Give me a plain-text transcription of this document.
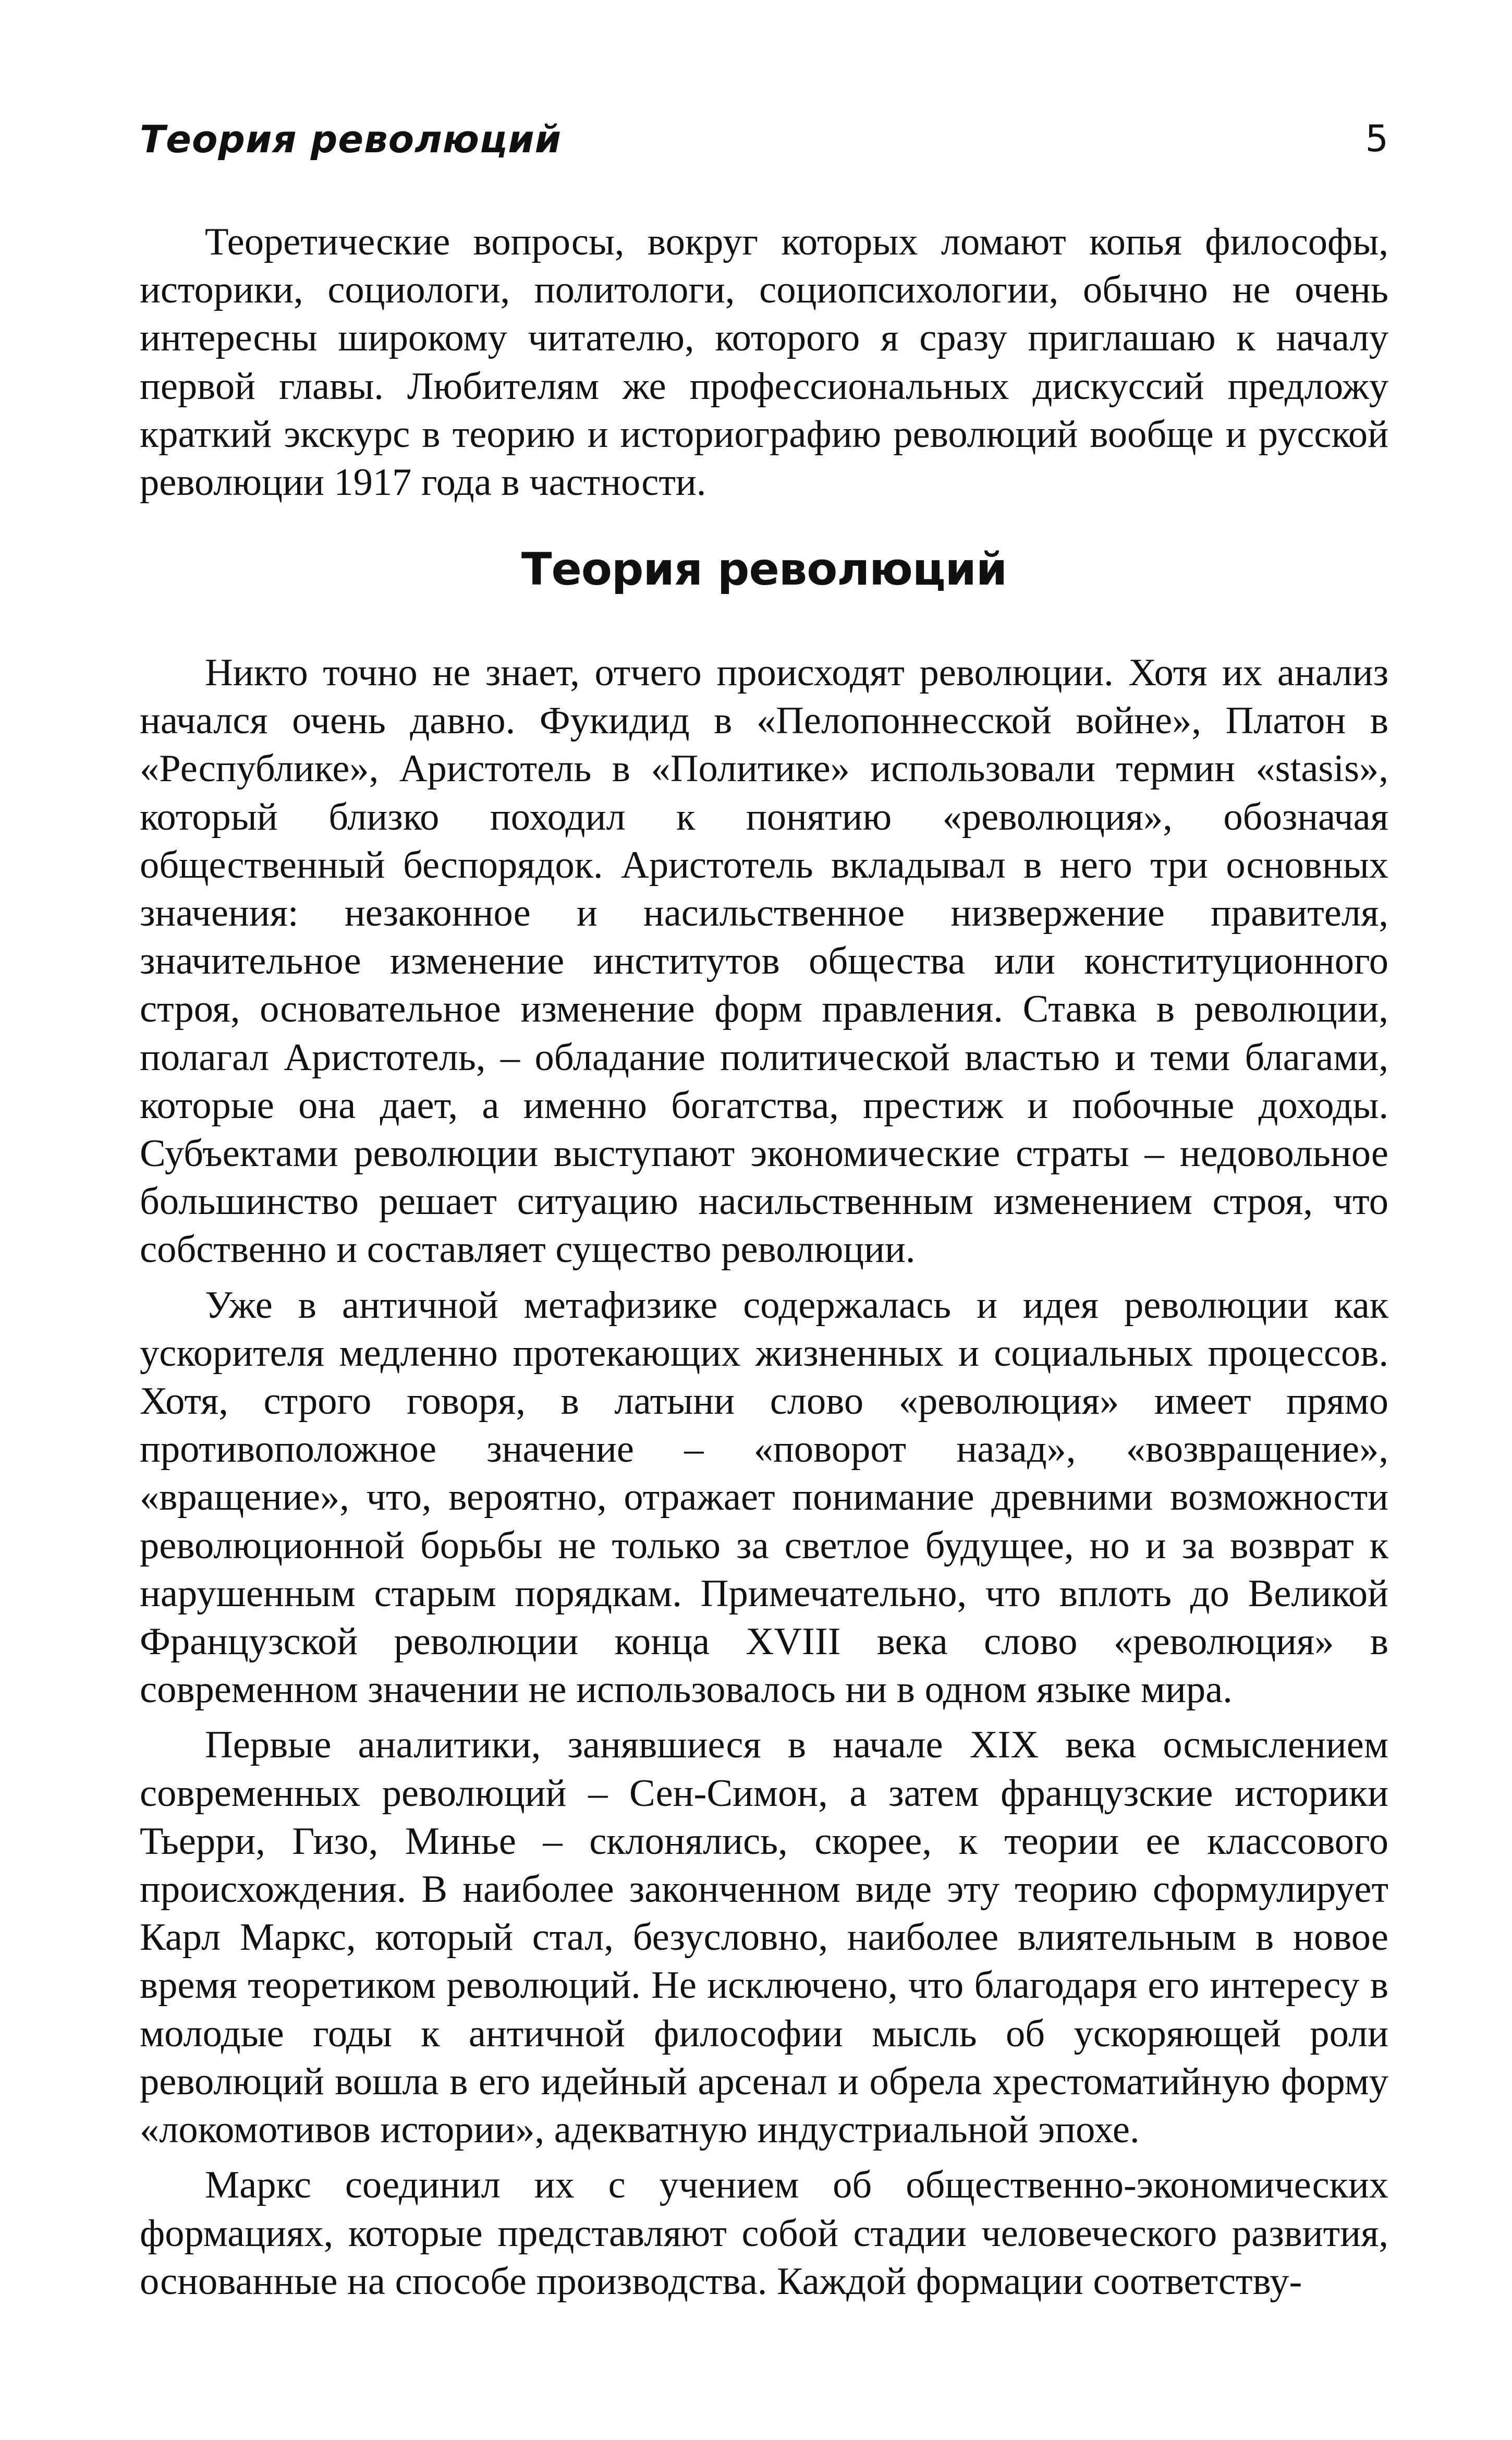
Теория революций	5

Теоретические вопросы, вокруг которых ломают копья философы, историки, социологи, политологи, социопсихологии, обычно не очень интересны широкому читателю, которого я сразу приглашаю к началу первой главы. Любителям же профессиональных дискуссий предложу краткий экскурс в теорию и историографию революций вообще и русской революции 1917 года в частности.

Теория революций

Никто точно не знает, отчего происходят революции. Хотя их анализ начался очень давно. Фукидид в «Пелопоннесской войне», Платон в «Республике», Аристотель в «Политике» использовали термин «stasis», который близко походил к понятию «революция», обозначая общественный беспорядок. Аристотель вкладывал в него три основных значения: незаконное и насильственное низвержение правителя, значительное изменение институтов общества или конституционного строя, основательное изменение форм правления. Ставка в революции, полагал Аристотель, – обладание политической властью и теми благами, которые она дает, а именно богатства, престиж и побочные доходы. Субъектами революции выступают экономические страты – недовольное большинство решает ситуацию насильственным изменением строя, что собственно и составляет существо революции.

Уже в античной метафизике содержалась и идея революции как ускорителя медленно протекающих жизненных и социальных процессов. Хотя, строго говоря, в латыни слово «революция» имеет прямо противоположное значение – «поворот назад», «возвращение», «вращение», что, вероятно, отражает понимание древними возможности революционной борьбы не только за светлое будущее, но и за возврат к нарушенным старым порядкам. Примечательно, что вплоть до Великой Французской революции конца XVIII века слово «революция» в современном значении не использовалось ни в одном языке мира.

Первые аналитики, занявшиеся в начале XIX века осмыслением современных революций – Сен-Симон, а затем французские историки Тьерри, Гизо, Минье – склонялись, скорее, к теории ее классового происхождения. В наиболее законченном виде эту теорию сформулирует Карл Маркс, который стал, безусловно, наиболее влиятельным в новое время теоретиком революций. Не исключено, что благодаря его интересу в молодые годы к античной философии мысль об ускоряющей роли революций вошла в его идейный арсенал и обрела хрестоматийную форму «локомотивов истории», адекватную индустриальной эпохе.

Маркс соединил их с учением об общественно-экономических формациях, которые представляют собой стадии человеческого развития, основанные на способе производства. Каждой формации соответству-
